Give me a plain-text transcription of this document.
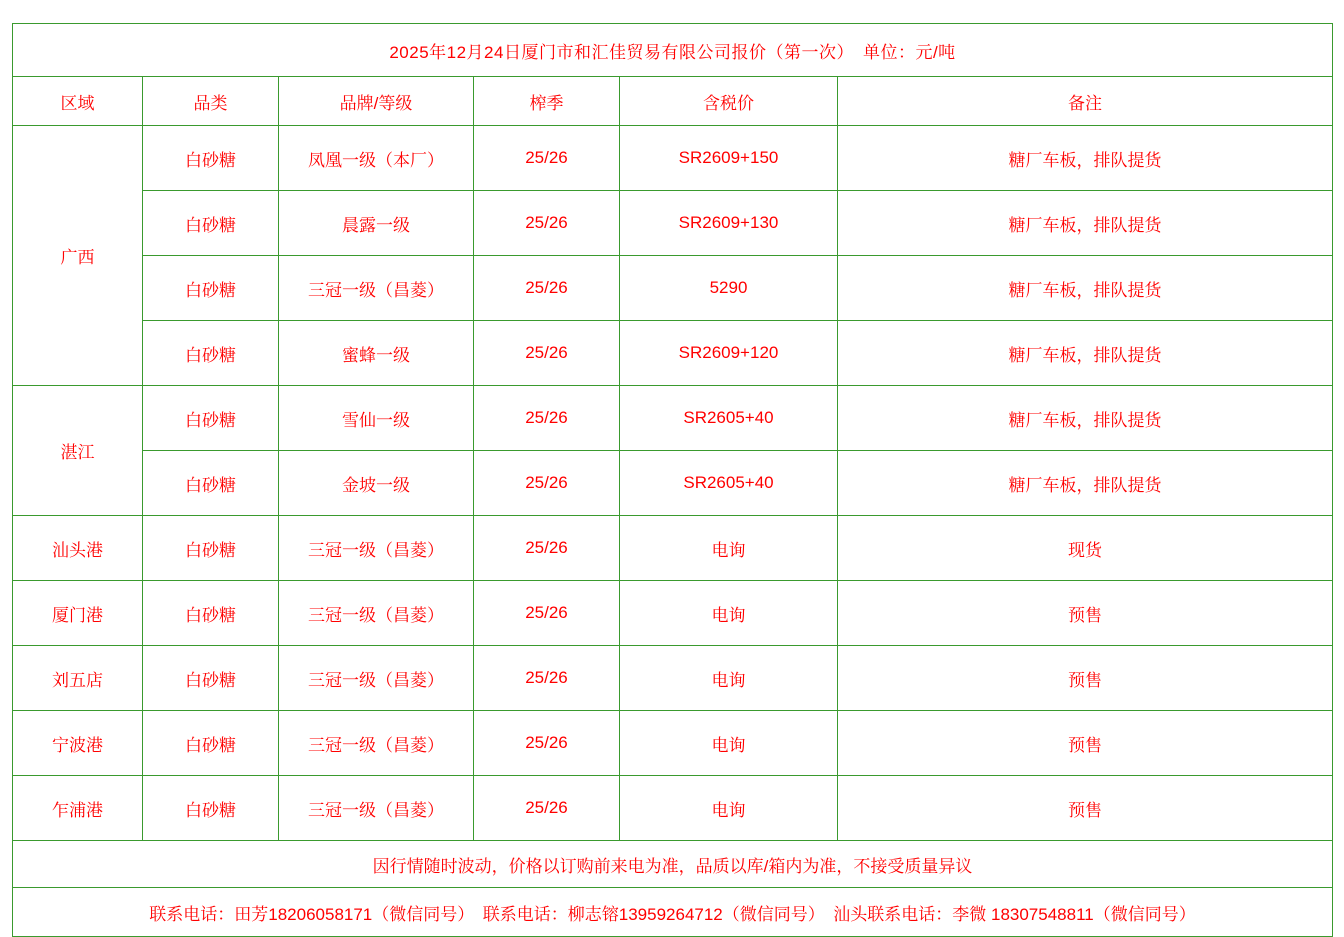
2025年12月24日厦门市和汇佳贸易有限公司报价（第一次）　单位：元/吨					
区域	品类	品牌/等级	榨季	含税价	备注
广西	白砂糖	凤凰一级（本厂）	25/26	SR2609+150	糖厂车板，排队提货
	白砂糖	晨露一级	25/26	SR2609+130	糖厂车板，排队提货
	白砂糖	三冠一级（昌菱）	25/26	5290	糖厂车板，排队提货
	白砂糖	蜜蜂一级	25/26	SR2609+120	糖厂车板，排队提货
湛江	白砂糖	雪仙一级	25/26	SR2605+40	糖厂车板，排队提货
	白砂糖	金坡一级	25/26	SR2605+40	糖厂车板，排队提货
汕头港	白砂糖	三冠一级（昌菱）	25/26	电询	现货
厦门港	白砂糖	三冠一级（昌菱）	25/26	电询	预售
刘五店	白砂糖	三冠一级（昌菱）	25/26	电询	预售
宁波港	白砂糖	三冠一级（昌菱）	25/26	电询	预售
乍浦港	白砂糖	三冠一级（昌菱）	25/26	电询	预售
因行情随时波动，价格以订购前来电为准，品质以库/箱内为准，不接受质量异议					
联系电话：田芳18206058171（微信同号）　联系电话：柳志镕13959264712（微信同号）　汕头联系电话：李微 18307548811（微信同号）					
